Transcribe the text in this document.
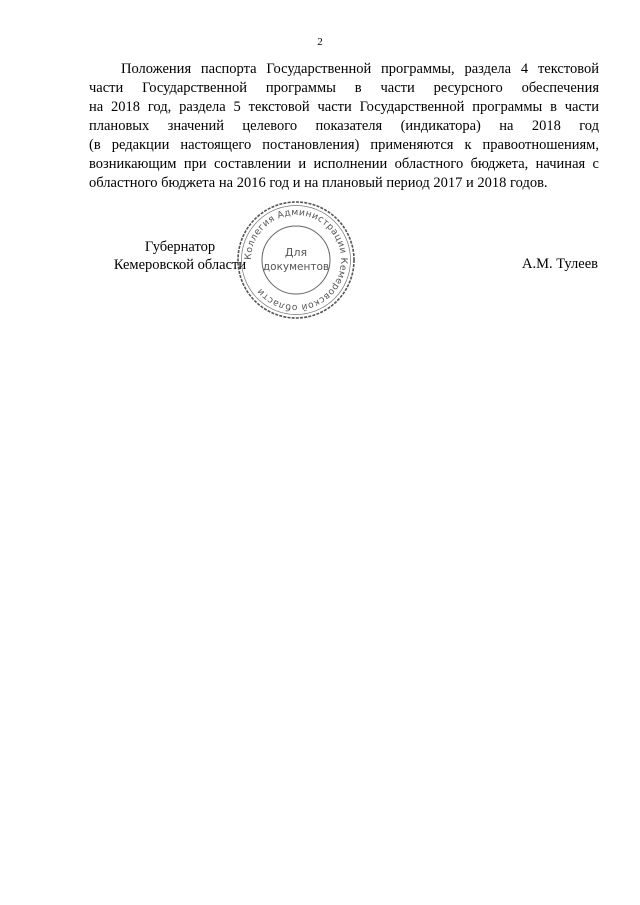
2
Положения паспорта Государственной программы, раздела 4 текстовой
части Государственной программы в части ресурсного обеспечения
на 2018 год, раздела 5 текстовой части Государственной программы в части
плановых значений целевого показателя (индикатора) на 2018 год
(в редакции настоящего постановления) применяются к правоотношениям,
возникающим при составлении и исполнении областного бюджета, начиная с
областного бюджета на 2016 год и на плановый период 2017 и 2018 годов.
Губернатор
Кемеровской области	А.М. Тулеев
Коллегия Администрации Кемеровской области
Для
документов
